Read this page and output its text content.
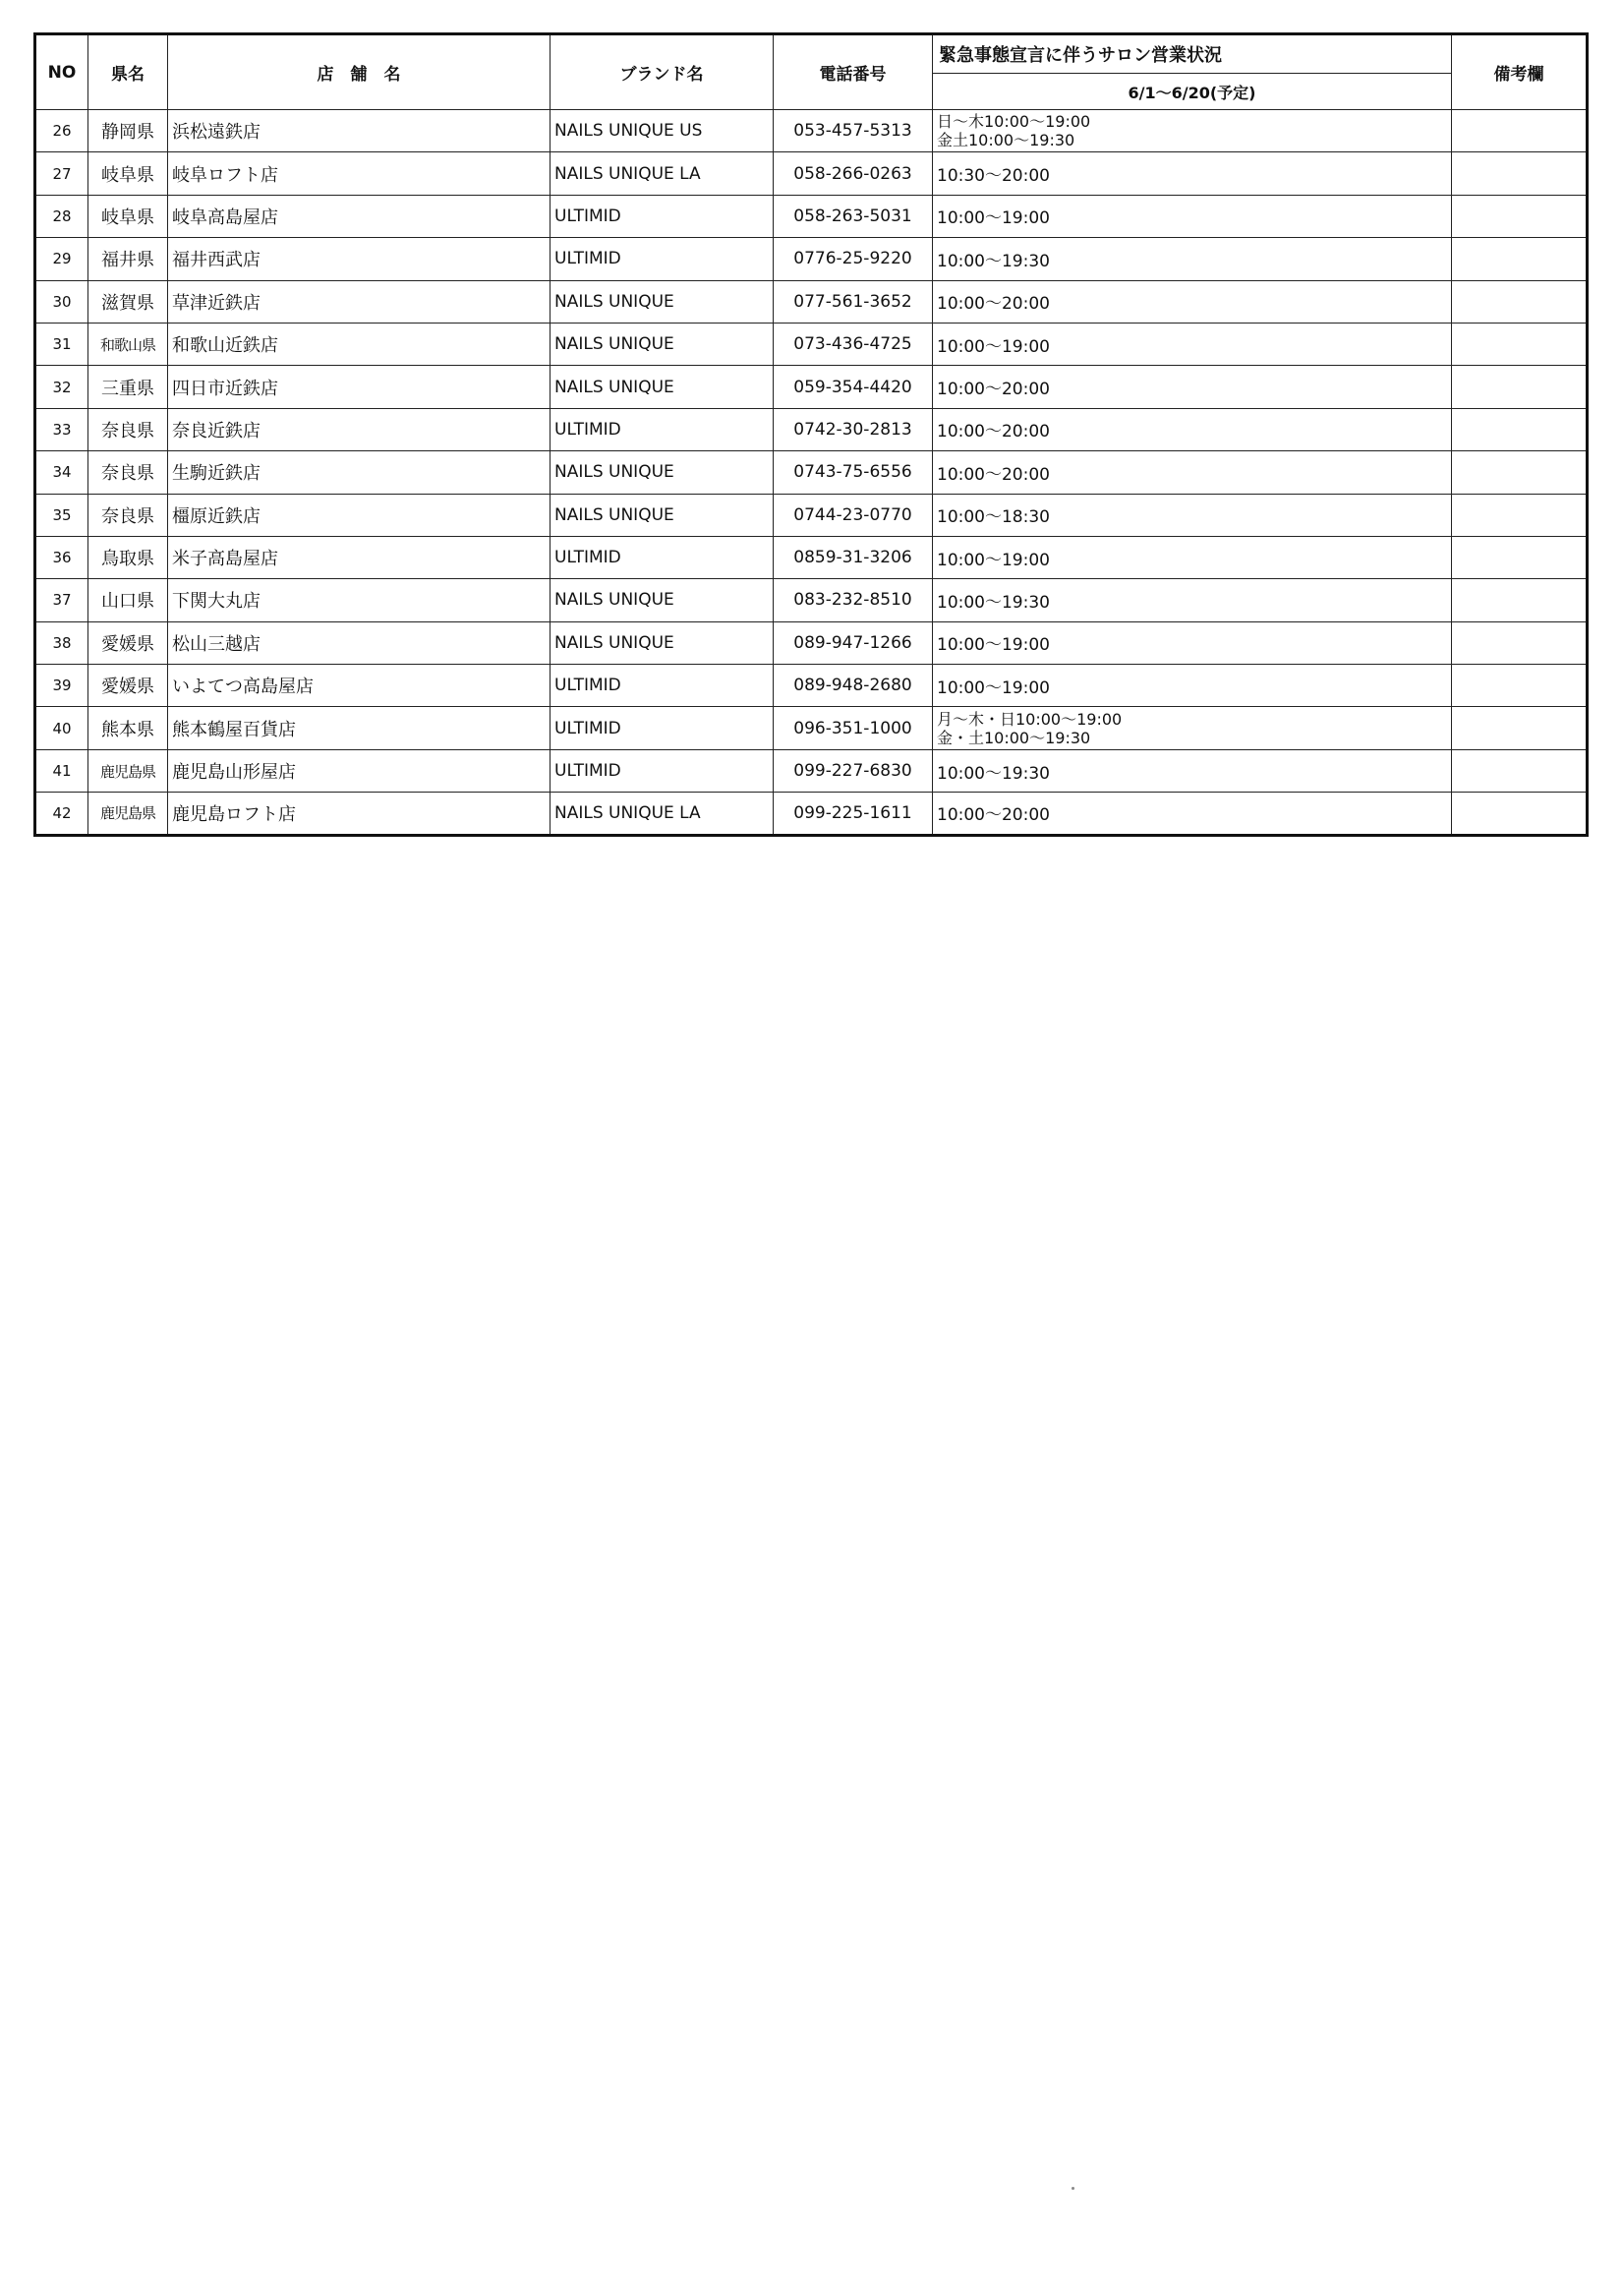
NO	県名	店　舗　名	ブランド名	電話番号	緊急事態宣言に伴うサロン営業状況	備考欄
					6/1～6/20(予定)	
26	静岡県	浜松遠鉄店	NAILS UNIQUE US	053-457-5313	日～木10:00～19:00
金土10:00～19:30	

27	岐阜県	岐阜ロフト店	NAILS UNIQUE LA	058-266-0263	10:30～20:00	
28	岐阜県	岐阜高島屋店	ULTIMID	058-263-5031	10:00～19:00	
29	福井県	福井西武店	ULTIMID	0776-25-9220	10:00～19:30	
30	滋賀県	草津近鉄店	NAILS UNIQUE	077-561-3652	10:00～20:00	
31	和歌山県	和歌山近鉄店	NAILS UNIQUE	073-436-4725	10:00～19:00	
32	三重県	四日市近鉄店	NAILS UNIQUE	059-354-4420	10:00～20:00	
33	奈良県	奈良近鉄店	ULTIMID	0742-30-2813	10:00～20:00	
34	奈良県	生駒近鉄店	NAILS UNIQUE	0743-75-6556	10:00～20:00	
35	奈良県	橿原近鉄店	NAILS UNIQUE	0744-23-0770	10:00～18:30	
36	鳥取県	米子高島屋店	ULTIMID	0859-31-3206	10:00～19:00	
37	山口県	下関大丸店	NAILS UNIQUE	083-232-8510	10:00～19:30	
38	愛媛県	松山三越店	NAILS UNIQUE	089-947-1266	10:00～19:00	
39	愛媛県	いよてつ高島屋店	ULTIMID	089-948-2680	10:00～19:00	
40	熊本県	熊本鶴屋百貨店	ULTIMID	096-351-1000	月～木・日10:00～19:00
金・土10:00～19:30	

41	鹿児島県	鹿児島山形屋店	ULTIMID	099-227-6830	10:00～19:30	
42	鹿児島県	鹿児島ロフト店	NAILS UNIQUE LA	099-225-1611	10:00～20:00	
